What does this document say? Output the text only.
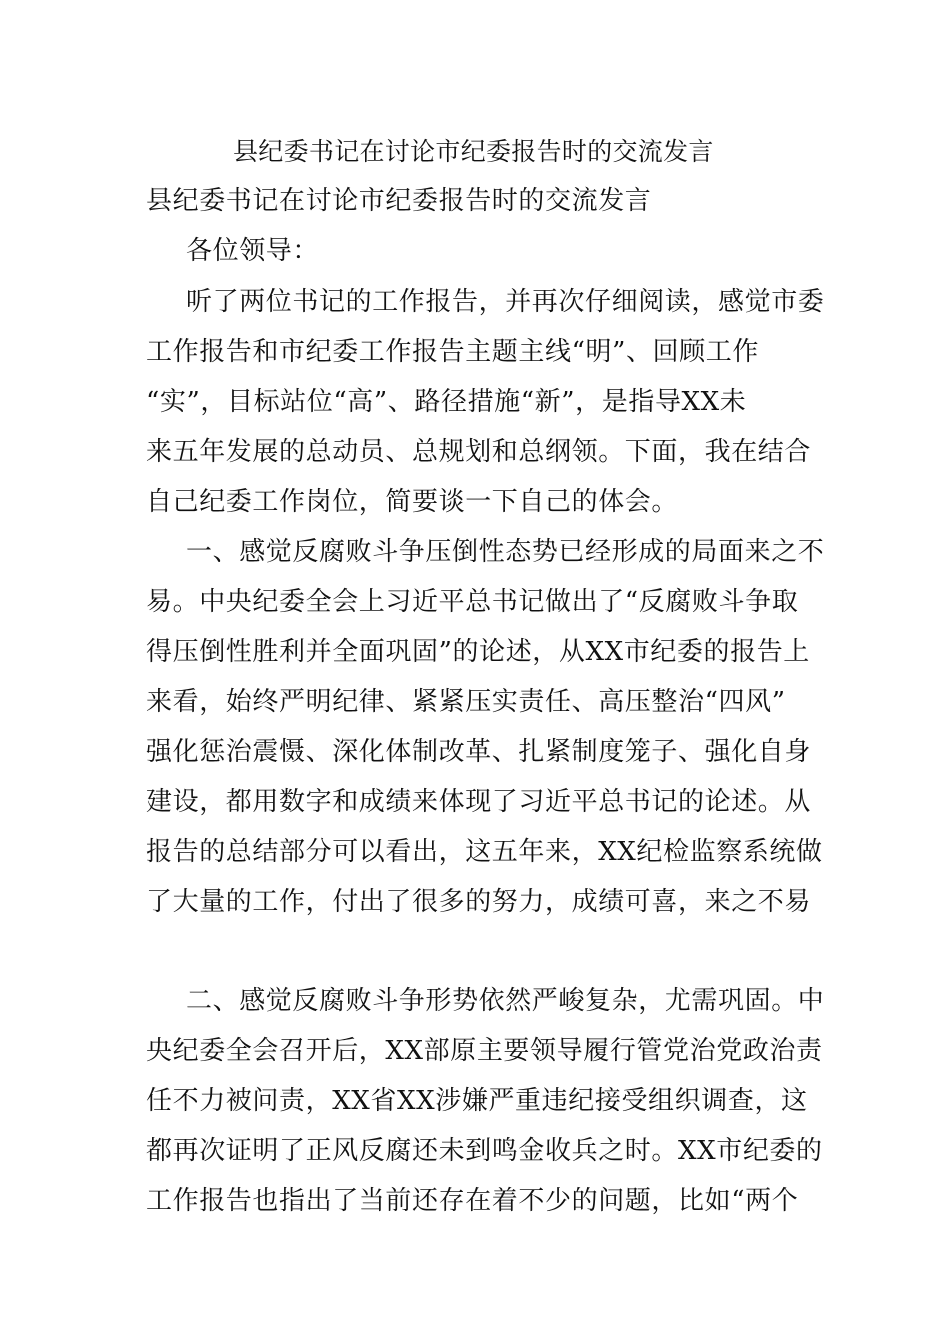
县纪委书记在讨论市纪委报告时的交流发言
县纪委书记在讨论市纪委报告时的交流发言
各位领导：
听了两位书记的工作报告，并再次仔细阅读，感觉市委
工作报告和市纪委工作报告主题主线“明”、回顾工作
“实”，目标站位“高”、路径措施“新”，是指导XX未
来五年发展的总动员、总规划和总纲领。下面，我在结合
自己纪委工作岗位，简要谈一下自己的体会。
一、感觉反腐败斗争压倒性态势已经形成的局面来之不
易。中央纪委全会上习近平总书记做出了“反腐败斗争取
得压倒性胜利并全面巩固”的论述，从XX市纪委的报告上
来看，始终严明纪律、紧紧压实责任、高压整治“四风”
强化惩治震慑、深化体制改革、扎紧制度笼子、强化自身
建设，都用数字和成绩来体现了习近平总书记的论述。从
报告的总结部分可以看出，这五年来，XX纪检监察系统做
了大量的工作，付出了很多的努力，成绩可喜，来之不易
二、感觉反腐败斗争形势依然严峻复杂，尤需巩固。中
央纪委全会召开后，XX部原主要领导履行管党治党政治责
任不力被问责，XX省XX涉嫌严重违纪接受组织调查，这
都再次证明了正风反腐还未到鸣金收兵之时。XX市纪委的
工作报告也指出了当前还存在着不少的问题，比如“两个
